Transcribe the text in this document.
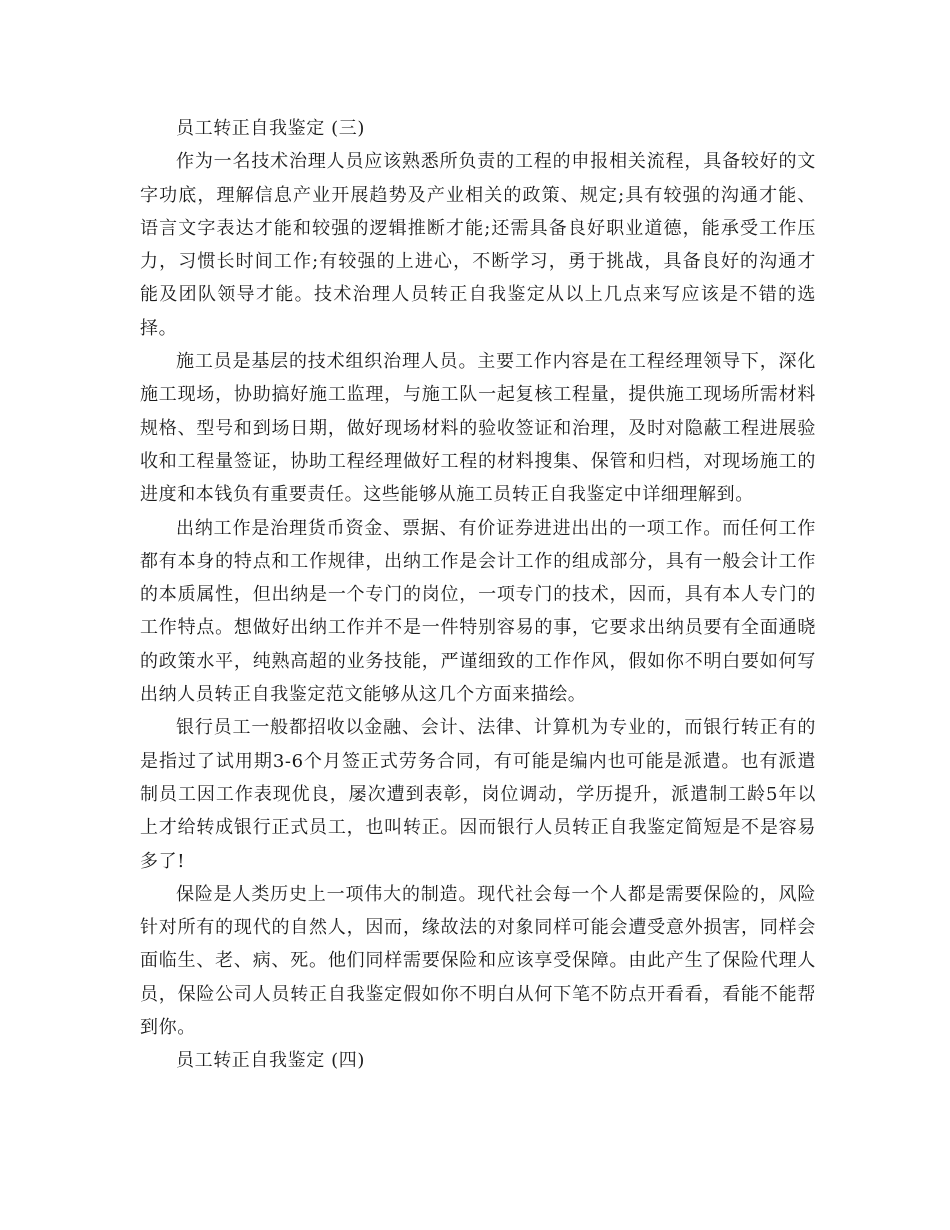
员工转正自我鉴定 (三)

作为一名技术治理人员应该熟悉所负责的工程的申报相关流程，具备较好的文字功底，理解信息产业开展趋势及产业相关的政策、规定;具有较强的沟通才能、语言文字表达才能和较强的逻辑推断才能;还需具备良好职业道德，能承受工作压力，习惯长时间工作;有较强的上进心，不断学习，勇于挑战，具备良好的沟通才能及团队领导才能。技术治理人员转正自我鉴定从以上几点来写应该是不错的选择。

施工员是基层的技术组织治理人员。主要工作内容是在工程经理领导下，深化施工现场，协助搞好施工监理，与施工队一起复核工程量，提供施工现场所需材料规格、型号和到场日期，做好现场材料的验收签证和治理，及时对隐蔽工程进展验收和工程量签证，协助工程经理做好工程的材料搜集、保管和归档，对现场施工的进度和本钱负有重要责任。这些能够从施工员转正自我鉴定中详细理解到。

出纳工作是治理货币资金、票据、有价证券进进出出的一项工作。而任何工作都有本身的特点和工作规律，出纳工作是会计工作的组成部分，具有一般会计工作的本质属性，但出纳是一个专门的岗位，一项专门的技术，因而，具有本人专门的工作特点。想做好出纳工作并不是一件特别容易的事，它要求出纳员要有全面通晓的政策水平，纯熟高超的业务技能，严谨细致的工作作风，假如你不明白要如何写出纳人员转正自我鉴定范文能够从这几个方面来描绘。

银行员工一般都招收以金融、会计、法律、计算机为专业的，而银行转正有的是指过了试用期3-6个月签正式劳务合同，有可能是编内也可能是派遣。也有派遣制员工因工作表现优良，屡次遭到表彰，岗位调动，学历提升，派遣制工龄5年以上才给转成银行正式员工，也叫转正。因而银行人员转正自我鉴定简短是不是容易多了!

保险是人类历史上一项伟大的制造。现代社会每一个人都是需要保险的，风险针对所有的现代的自然人，因而，缘故法的对象同样可能会遭受意外损害，同样会面临生、老、病、死。他们同样需要保险和应该享受保障。由此产生了保险代理人员，保险公司人员转正自我鉴定假如你不明白从何下笔不防点开看看，看能不能帮到你。

员工转正自我鉴定 (四)
